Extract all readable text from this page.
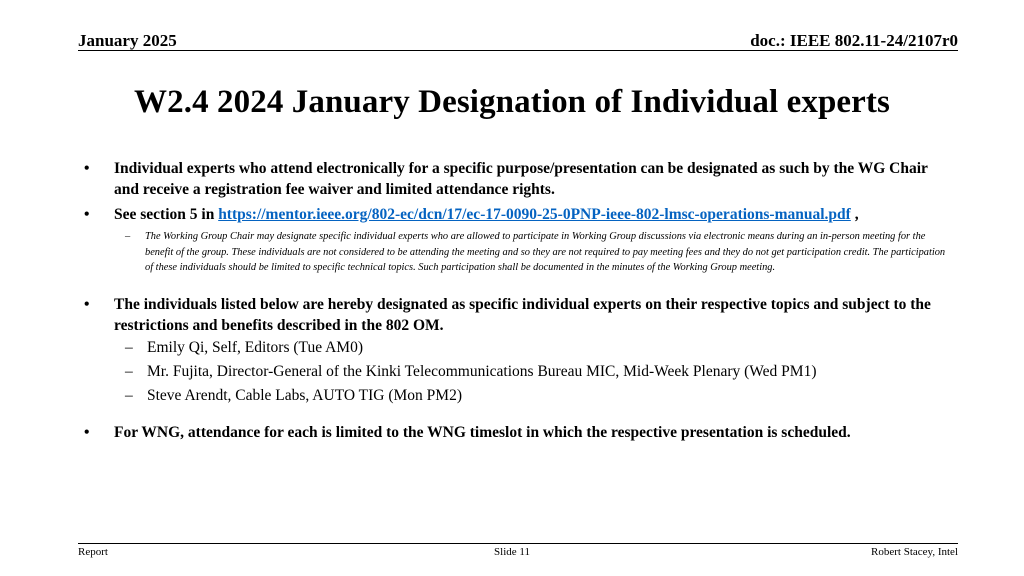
January 2025	doc.: IEEE 802.11-24/2107r0
W2.4 2024 January Designation of Individual experts
• Individual experts who attend electronically for a specific purpose/presentation can be designated as such by the WG Chair and receive a registration fee waiver and limited attendance rights.
• See section 5 in https://mentor.ieee.org/802-ec/dcn/17/ec-17-0090-25-0PNP-ieee-802-lmsc-operations-manual.pdf ,
– The Working Group Chair may designate specific individual experts who are allowed to participate in Working Group discussions via electronic means during an in-person meeting for the benefit of the group. These individuals are not considered to be attending the meeting and so they are not required to pay meeting fees and they do not get participation credit. The participation of these individuals should be limited to specific technical topics. Such participation shall be documented in the minutes of the Working Group meeting.
• The individuals listed below are hereby designated as specific individual experts on their respective topics and subject to the restrictions and benefits described in the 802 OM.
– Emily Qi, Self, Editors (Tue AM0)
– Mr. Fujita, Director-General of the Kinki Telecommunications Bureau MIC, Mid-Week Plenary (Wed PM1)
– Steve Arendt, Cable Labs, AUTO TIG (Mon PM2)
• For WNG, attendance for each is limited to the WNG timeslot in which the respective presentation is scheduled.
Report	Slide 11	Robert Stacey, Intel
